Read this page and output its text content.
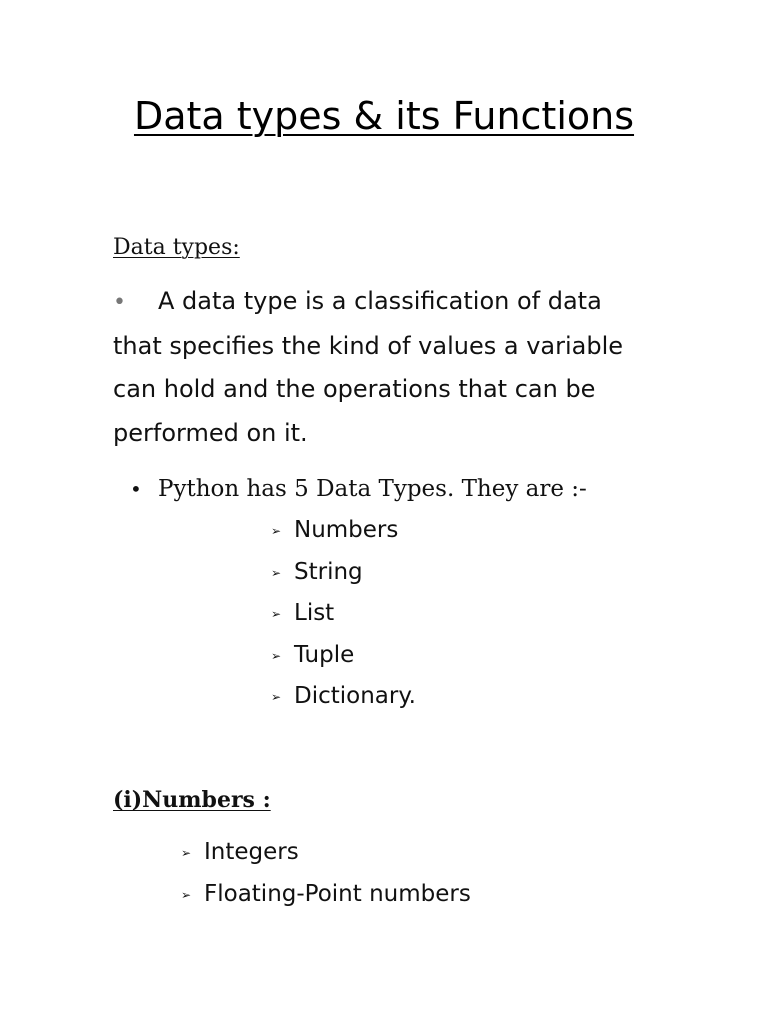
Data types & its Functions
Data types:
• A data type is a classification of data that specifies the kind of values a variable can hold and the operations that can be performed on it.
• Python has 5 Data Types. They are :-
➢ Numbers
➢ String
➢ List
➢ Tuple
➢ Dictionary.
(i)Numbers :
➢ Integers
➢ Floating-Point numbers
